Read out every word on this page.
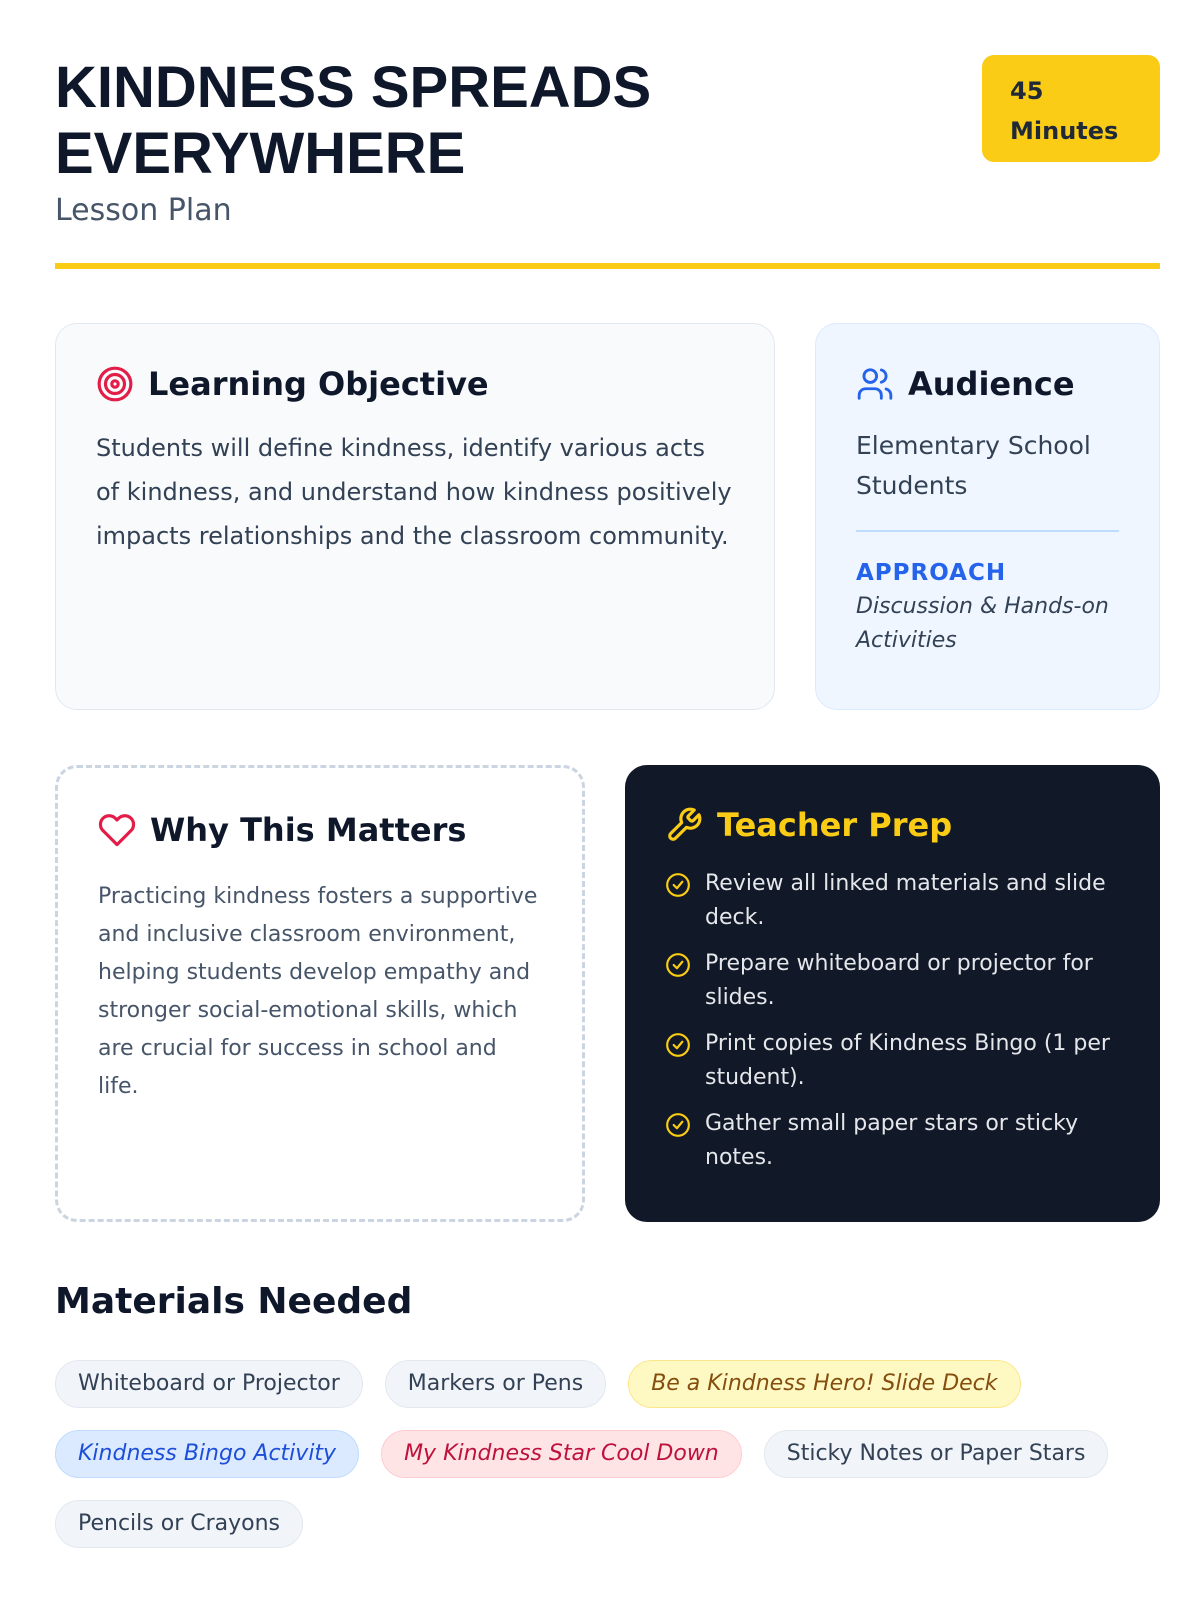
KINDNESS SPREADS EVERYWHERE
Lesson Plan
45 Minutes
Learning Objective
Students will define kindness, identify various acts of kindness, and understand how kindness positively impacts relationships and the classroom community.
Audience
Elementary School Students
APPROACH
Discussion & Hands-on Activities
Why This Matters
Practicing kindness fosters a supportive and inclusive classroom environment, helping students develop empathy and stronger social-emotional skills, which are crucial for success in school and life.
Teacher Prep
Review all linked materials and slide deck.
Prepare whiteboard or projector for slides.
Print copies of Kindness Bingo (1 per student).
Gather small paper stars or sticky notes.
Materials Needed
Whiteboard or Projector	Markers or Pens	Be a Kindness Hero! Slide Deck
Kindness Bingo Activity	My Kindness Star Cool Down	Sticky Notes or Paper Stars
Pencils or Crayons
